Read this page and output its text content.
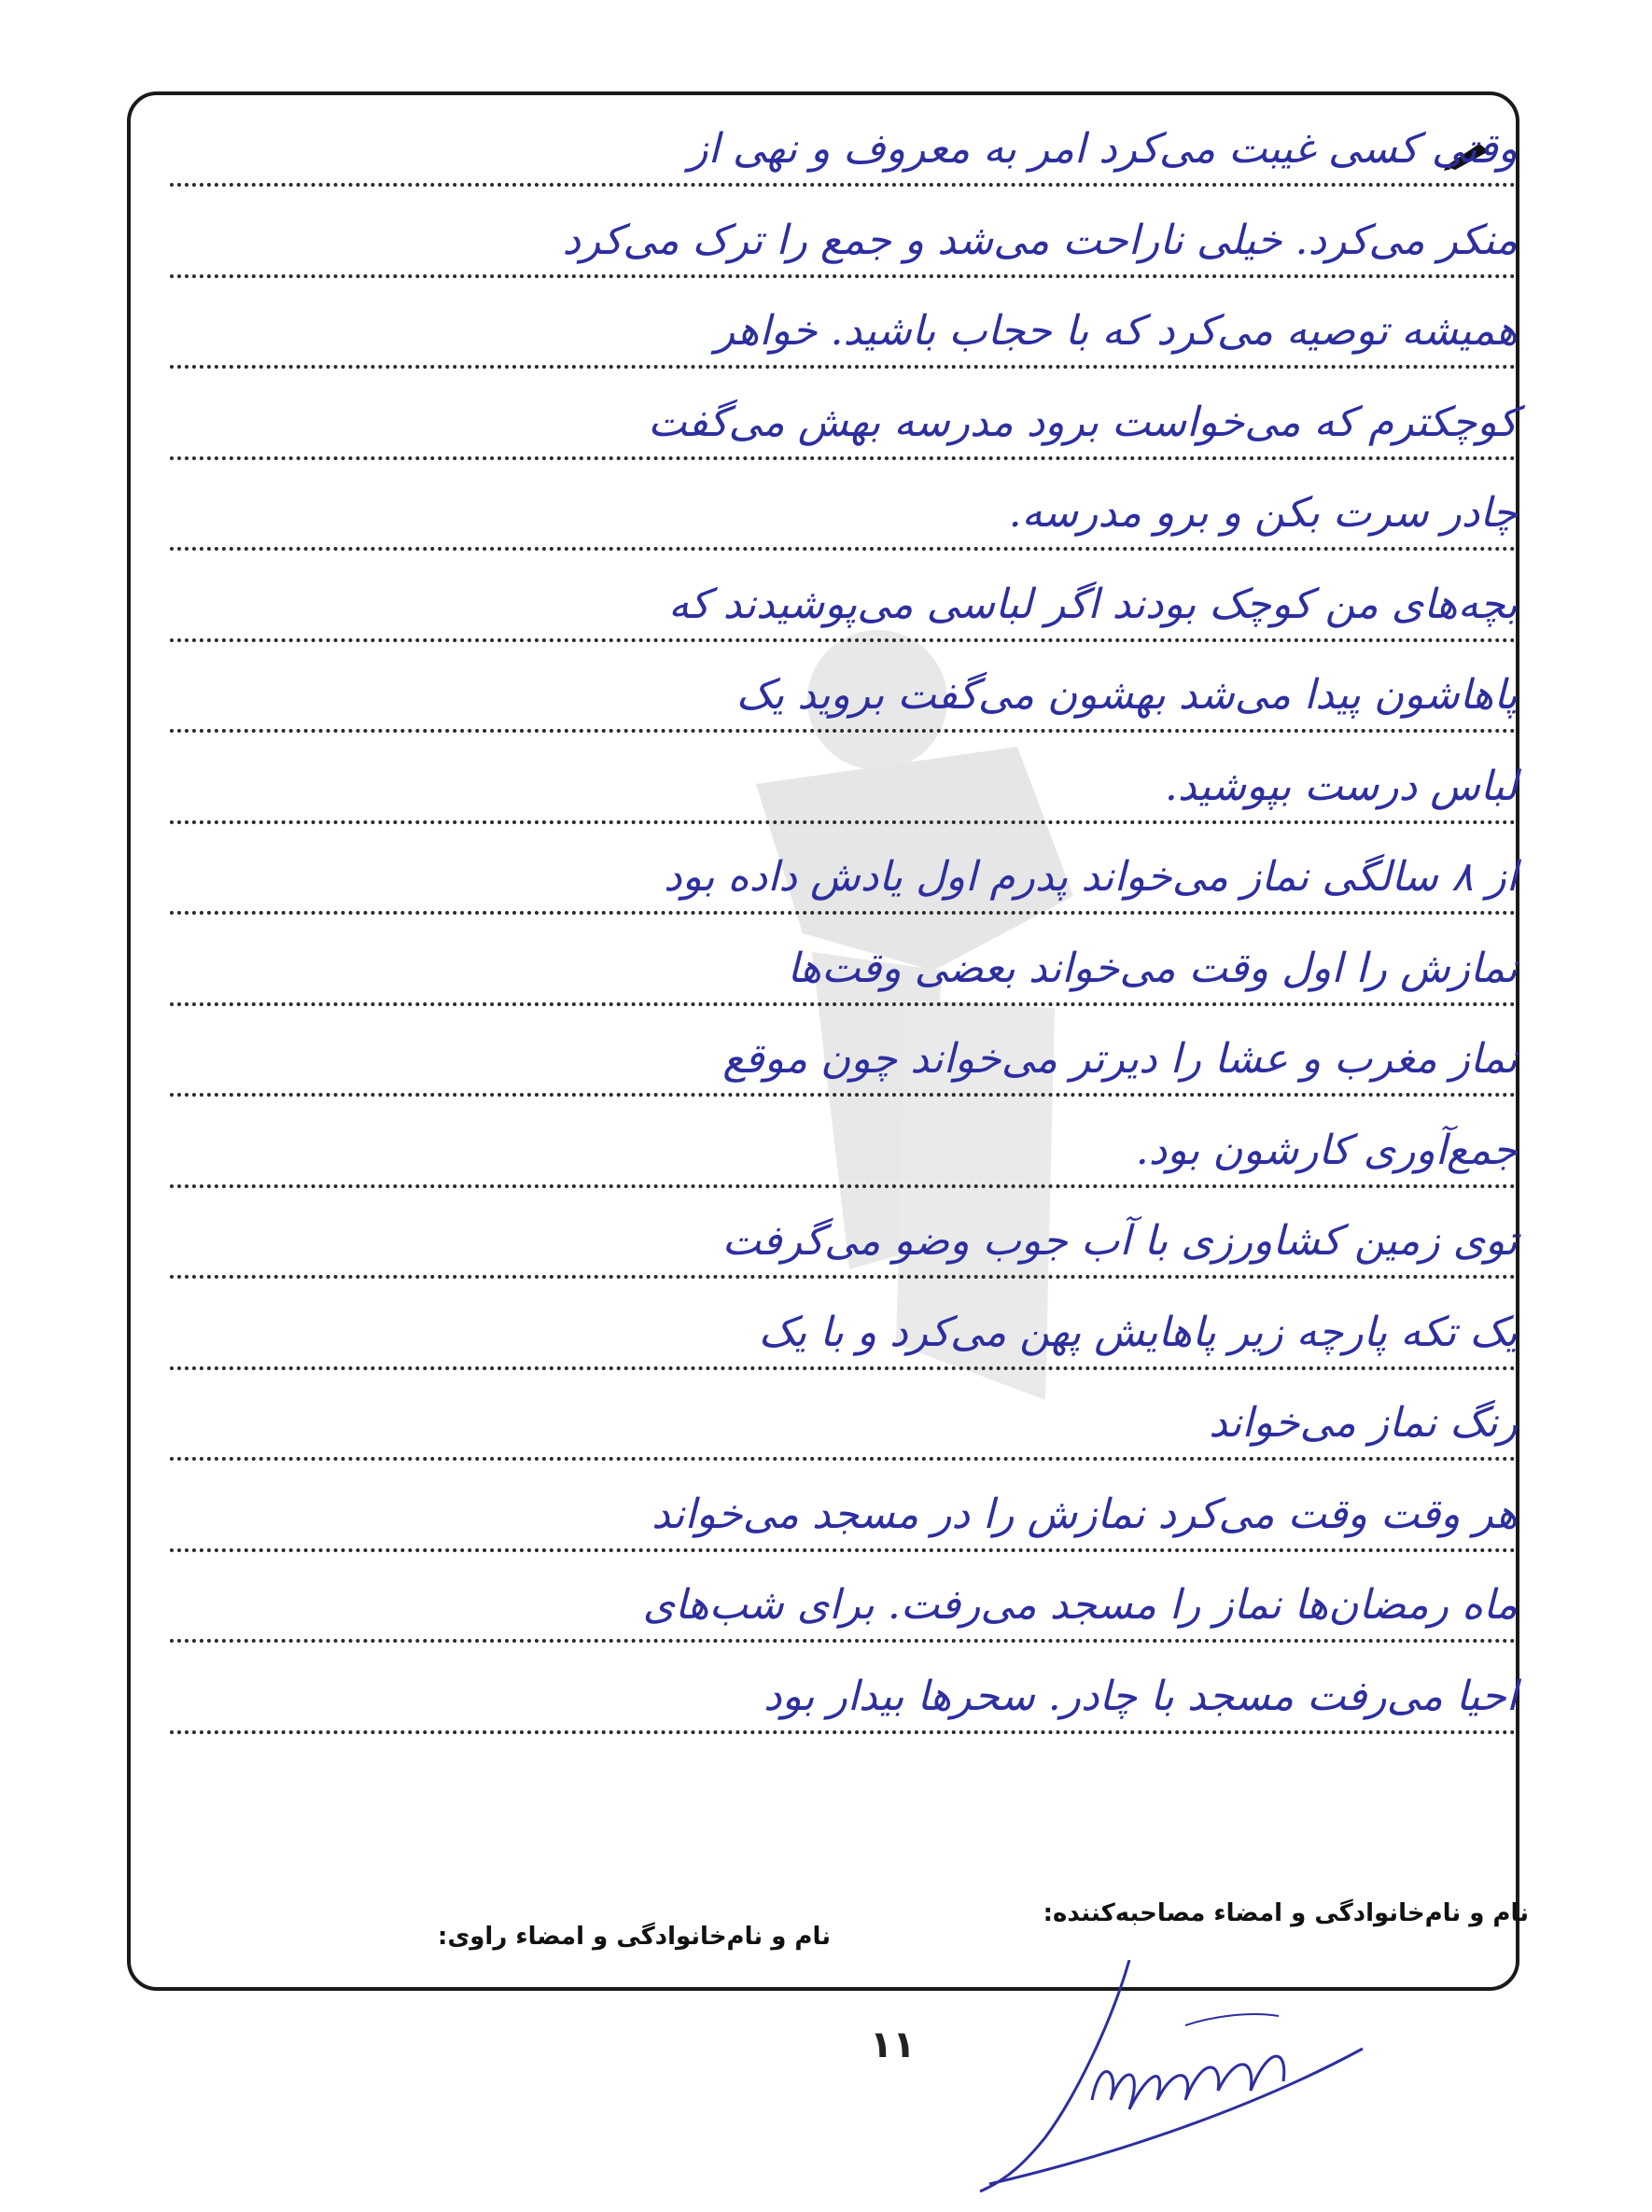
وقتی کسی غیبت می‌کرد امر به معروف و نهی از
منکر می‌کرد. خیلی ناراحت می‌شد و جمع را ترک می‌کرد
همیشه توصیه می‌کرد که با حجاب باشید. خواهر
کوچکترم که می‌خواست برود مدرسه بهش می‌گفت
چادر سرت بکن و برو مدرسه.
بچه‌های من کوچک بودند اگر لباسی می‌پوشیدند که
پاهاشون پیدا می‌شد بهشون می‌گفت بروید یک
لباس درست بپوشید.
از ۸ سالگی نماز می‌خواند پدرم اول یادش داده بود
نمازش را اول وقت می‌خواند بعضی وقت‌ها
نماز مغرب و عشا را دیرتر می‌خواند چون موقع
جمع‌آوری کارشون بود.
توی زمین کشاورزی با آب جوب وضو می‌گرفت
یک تکه پارچه زیر پاهایش پهن می‌کرد و با یک
رنگ نماز می‌خواند
هر وقت وقت می‌کرد نمازش را در مسجد می‌خواند
ماه رمضان‌ها نماز را مسجد می‌رفت. برای شب‌های
احیا می‌رفت مسجد با چادر. سحرها بیدار بود
نام و نام‌خانوادگی و امضاء مصاحبه‌کننده:
نام و نام‌خانوادگی و امضاء راوی:
۱۱
